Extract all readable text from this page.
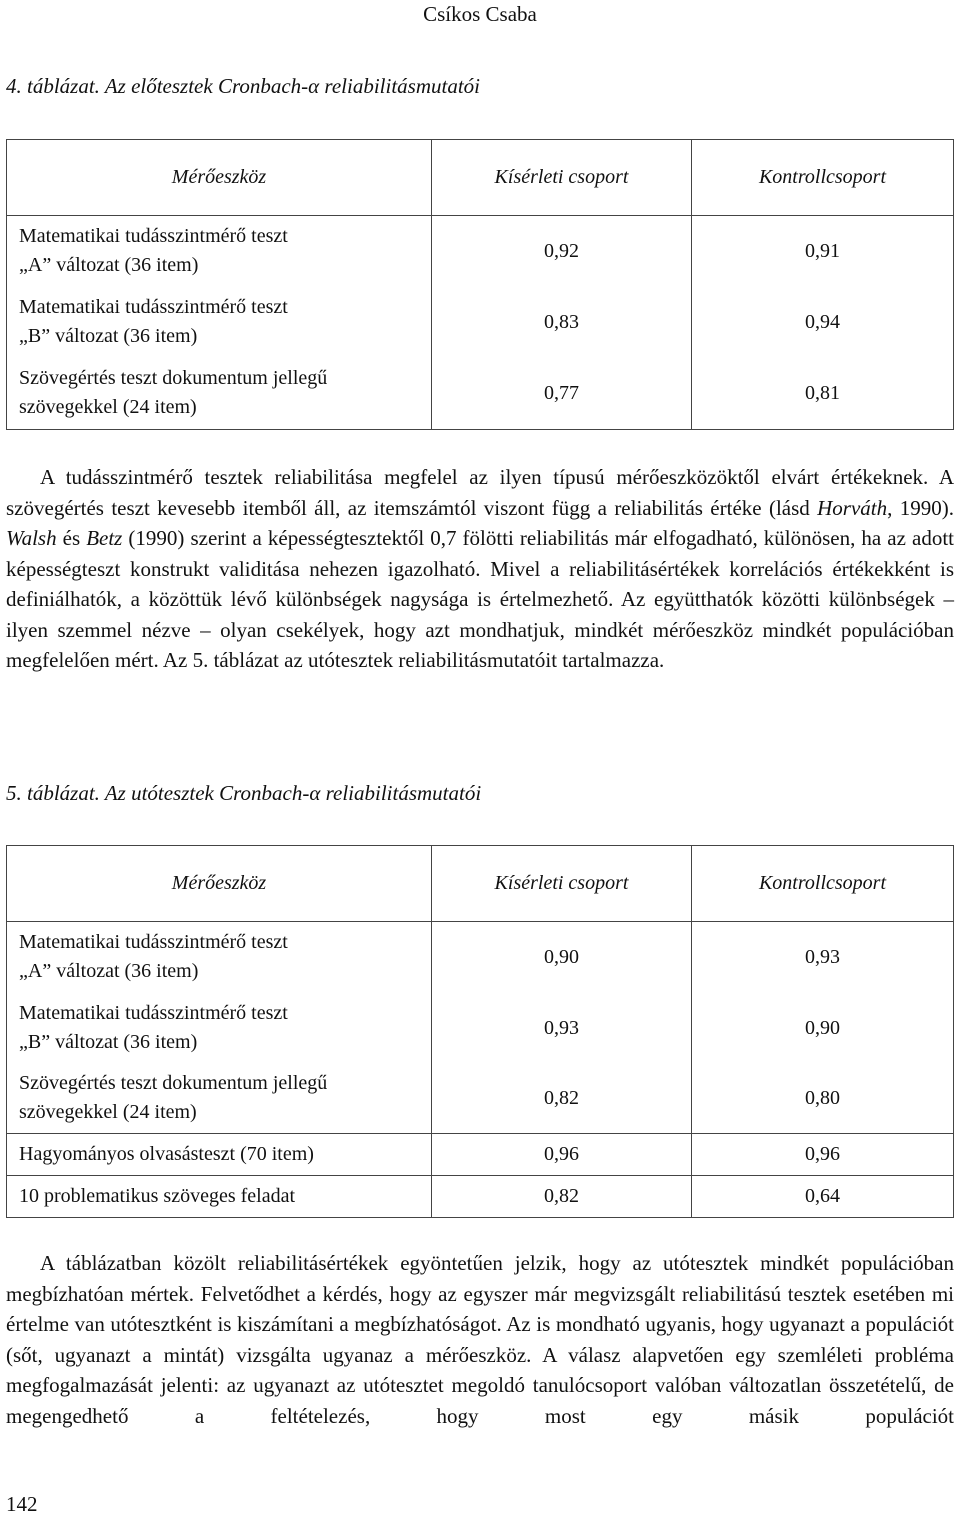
Csíkos Csaba
4. táblázat. Az előtesztek Cronbach-α reliabilitásmutatói
Mérőeszköz	Kísérleti csoport	Kontrollcsoport

Matematikai tudásszintmérő teszt
„A” változat (36 item)	0,92	0,91

Matematikai tudásszintmérő teszt
„B” változat (36 item)	0,83	0,94

Szövegértés teszt dokumentum jellegű
szövegekkel (24 item)	0,77	0,81

A tudásszintmérő tesztek reliabilitása megfelel az ilyen típusú mérőeszközöktől elvárt értékeknek. A szövegértés teszt kevesebb itemből áll, az itemszámtól viszont függ a reliabilitás értéke (lásd Horváth, 1990). Walsh és Betz (1990) szerint a képességtesztektől 0,7 fölötti reliabilitás már elfogadható, különösen, ha az adott képességteszt konstrukt validitása nehezen igazolható. Mivel a reliabilitásértékek korrelációs értékekként is definiálhatók, a közöttük lévő különbségek nagysága is értelmezhető. Az együtthatók közötti különbségek – ilyen szemmel nézve – olyan csekélyek, hogy azt mondhatjuk, mindkét mérőeszköz mindkét populációban megfelelően mért. Az 5. táblázat az utótesztek reliabilitásmutatóit tartalmazza.

5. táblázat. Az utótesztek Cronbach-α reliabilitásmutatói
Mérőeszköz	Kísérleti csoport	Kontrollcsoport

Matematikai tudásszintmérő teszt
„A” változat (36 item)	0,90	0,93

Matematikai tudásszintmérő teszt
„B” változat (36 item)	0,93	0,90

Szövegértés teszt dokumentum jellegű
szövegekkel (24 item)	0,82	0,80
Hagyományos olvasásteszt (70 item)	0,96	0,96
10 problematikus szöveges feladat	0,82	0,64

A táblázatban közölt reliabilitásértékek egyöntetűen jelzik, hogy az utótesztek mindkét populációban megbízhatóan mértek. Felvetődhet a kérdés, hogy az egyszer már megvizsgált reliabilitású tesztek esetében mi értelme van utótesztként is kiszámítani a megbízhatóságot. Az is mondható ugyanis, hogy ugyanazt a populációt (sőt, ugyanazt a mintát) vizsgálta ugyanaz a mérőeszköz. A válasz alapvetően egy szemléleti probléma megfogalmazását jelenti: az ugyanazt az utótesztet megoldó tanulócsoport valóban változatlan összetételű, de megengedhető a feltételezés, hogy most egy másik populációt

142
